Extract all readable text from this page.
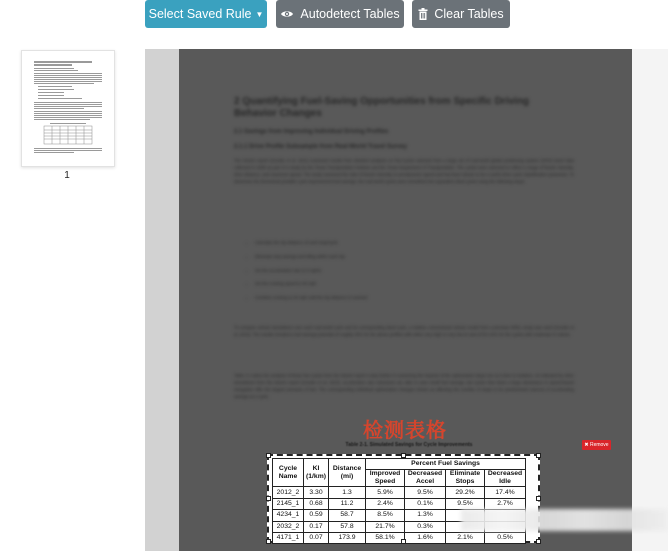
Select Saved Rule ▼	Autodetect Tables	Clear Tables
1
2 Quantifying Fuel-Saving Opportunities from Specific Driving Behavior Changes
2.1 Savings from Improving Individual Driving Profiles
2.1.1 Drive Profile Subsample from Real-World Travel Survey
The interim report (Gonder et al. 2011) examined results from detailed analyses on five-cycles selected from a large set of real-world global positioning system (GPS) travel data collected in 2006 as part of a study by the Texas Transportation Institute and the Texas Department of Transportation. The cycles were selected to reflect a range of kinetic intensity, drive distance, and maximum speed. The study examined the ratio of kinetic intensity to aerodynamic speed and has been shown to be a useful drive cycle classification parameter. To determine the theoretical possible cycle improvement fuel savings, the real-world cycles were smoothed into equivalent ideal cycles using the following steps:
• Calculate the trip distance of each stop/cycle
• Eliminate stop savings and idling within each trip
• Set the acceleration rate to 5 mph/s
• Set the cruising speed to 45 mph
• Combine cruising at 45 mph until the trip distance is reached
To compare vehicle simulations over each real-world cycle and its corresponding ideal cycle, a midsize conventional vehicle model from a previous NREL study was used (Gonder et al. 2010). The results included a fuel savings potential of roughly 30% for the above profiles with either very high or very low KI and of 5%-10% for the cycles with moderate KI values.
Table 2-1 takes the analysis of these five-cycles from the interim report a step further in examining the impacts of the optimization steps one at a time to isolation. As indicated by other simulations from the interim report (Gonder et al. 2010), acceleration rate reductions are able to save small fuel savings, but cycles that show a large dominance in speed-based elongation offer the largest amounts of fuel. The corresponding individual optimization changes shown as affecting the number of stops to be predominant sources of accelerating savings as a cycle.
检测表格
✖ Remove
Table 2-1. Simulated Savings for Cycle Improvements
Cycle Name	KI (1/km)	Distance (mi)	Percent Fuel Savings			
			Improved Speed	Decreased Accel	Eliminate Stops	Decreased Idle
2012_2	3.30	1.3	5.9%	9.5%	29.2%	17.4%
2145_1	0.68	11.2	2.4%	0.1%	9.5%	2.7%
4234_1	0.59	58.7	8.5%	1.3%		
2032_2	0.17	57.8	21.7%	0.3%		
4171_1	0.07	173.9	58.1%	1.6%	2.1%	0.5%
